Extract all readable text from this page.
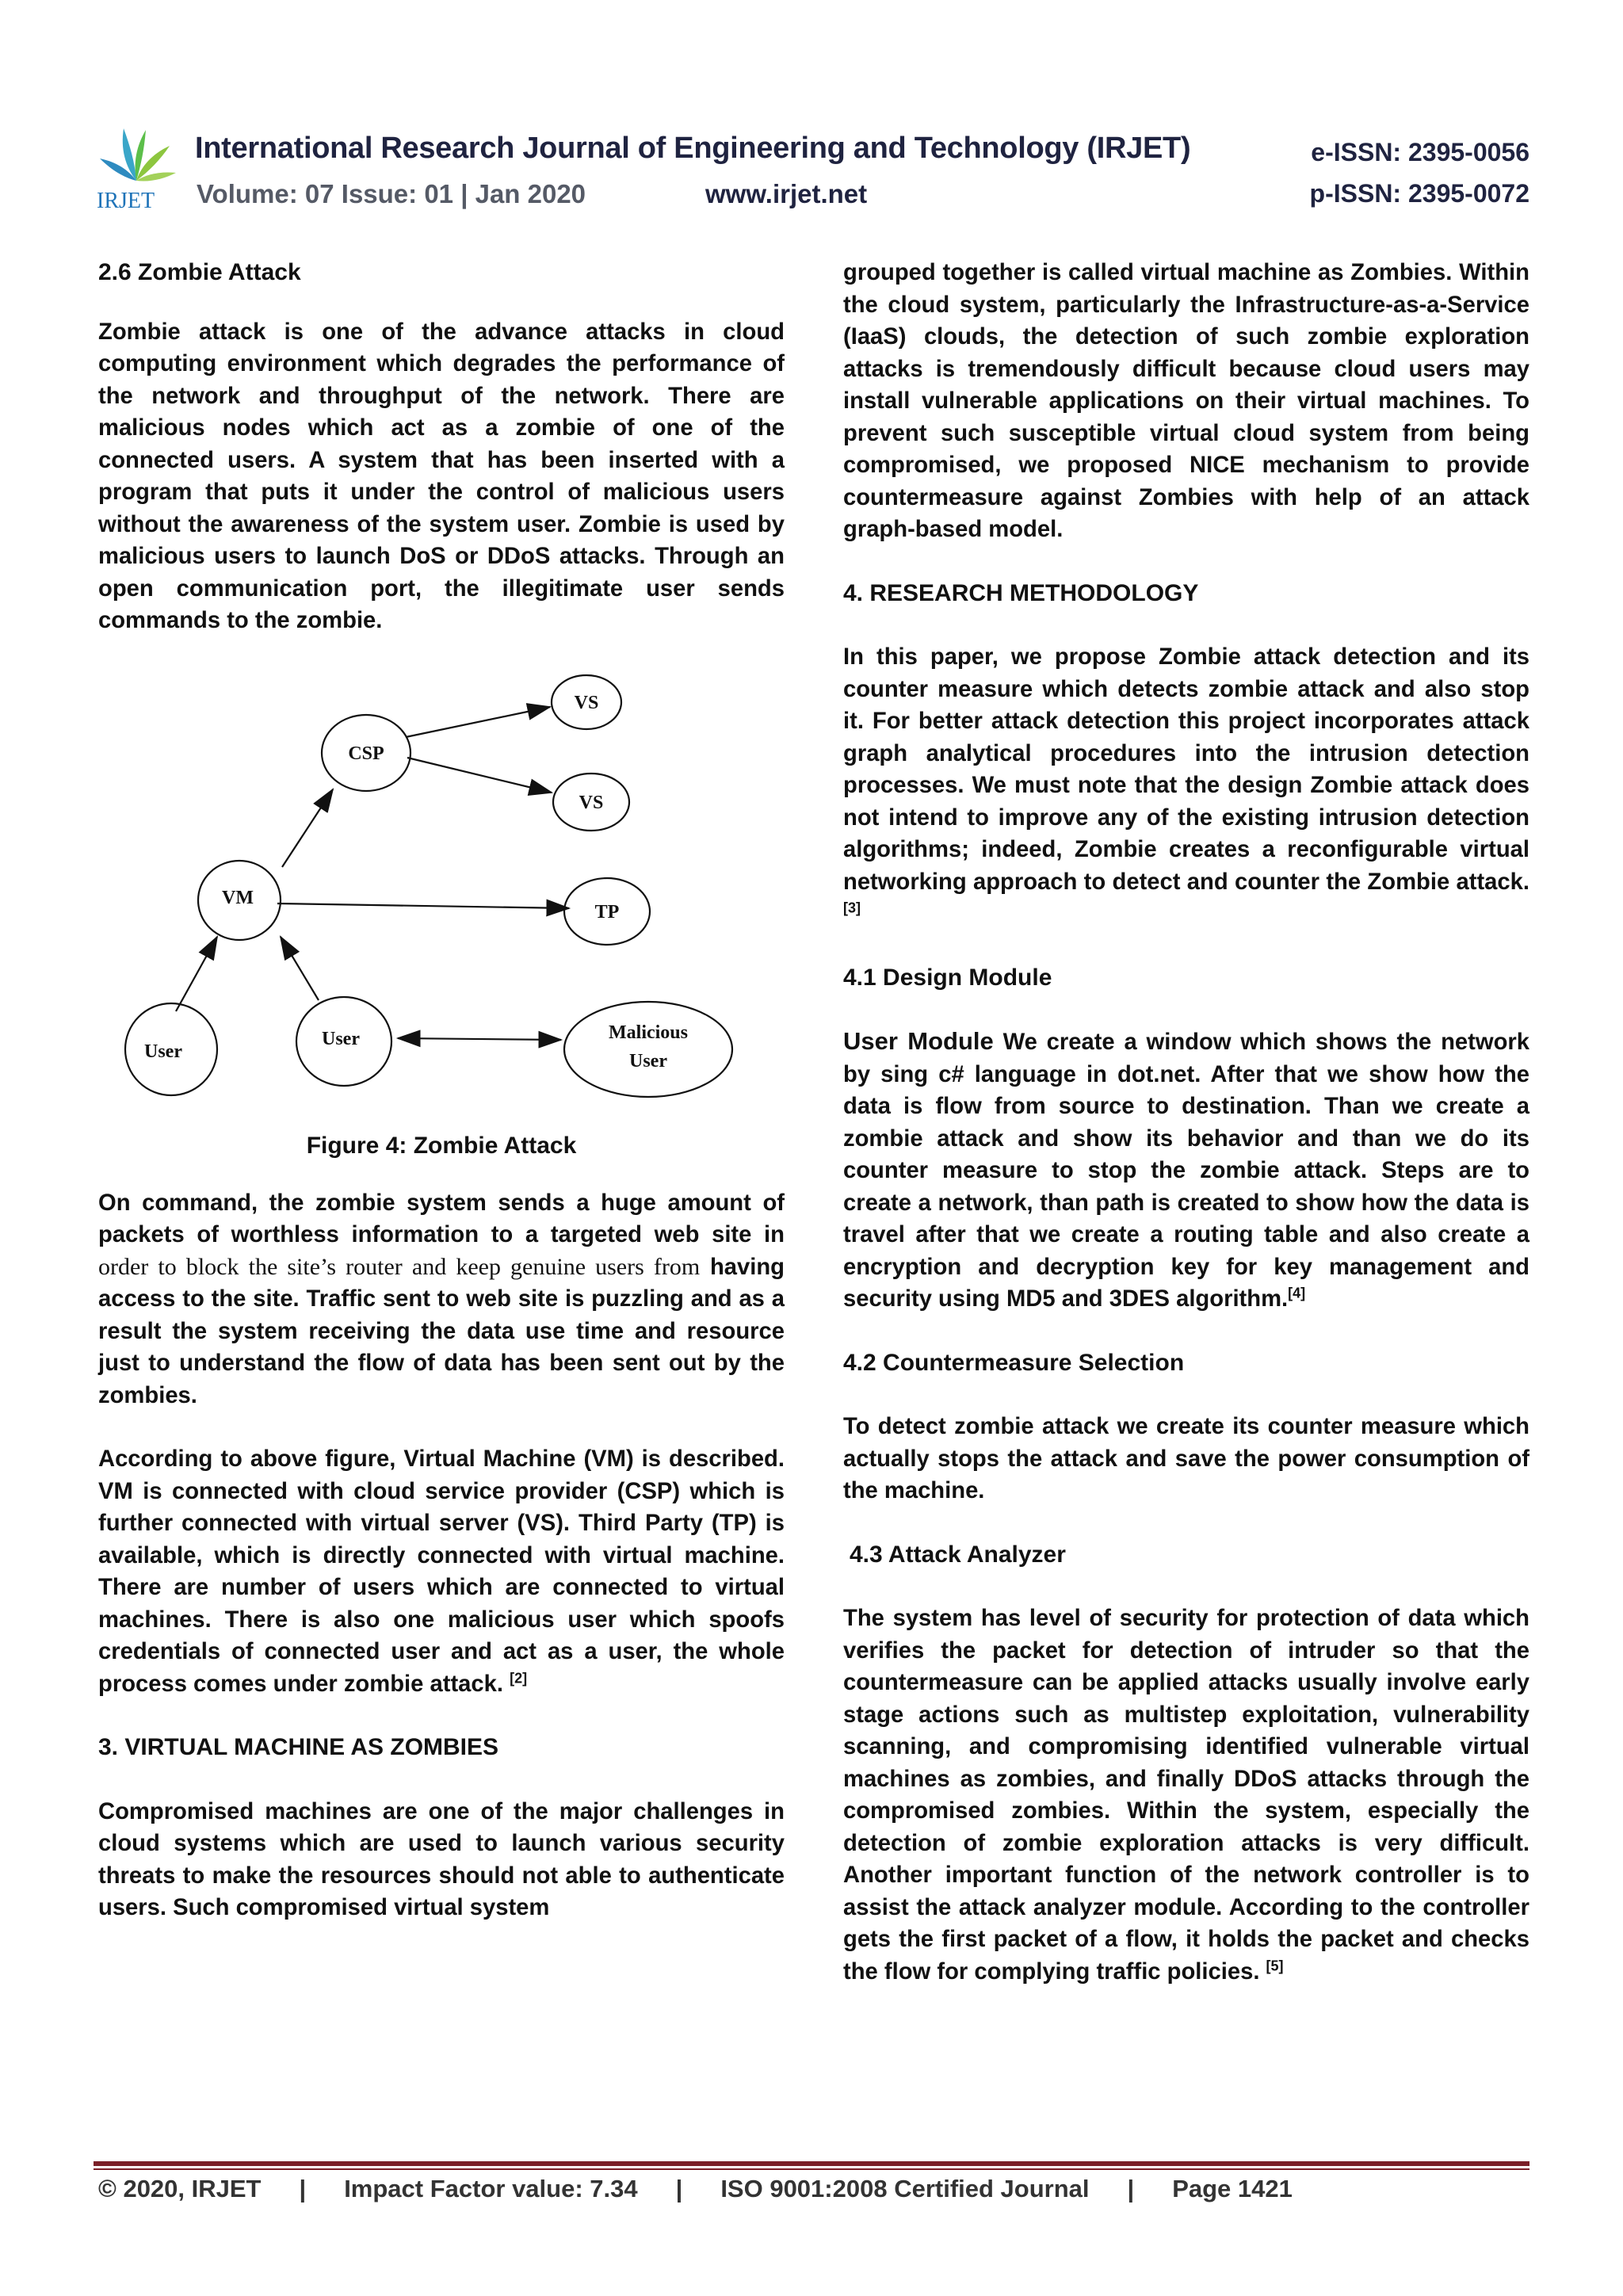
IRJET
International Research Journal of Engineering and Technology (IRJET)	e-ISSN: 2395-0056
Volume: 07 Issue: 01 | Jan 2020	www.irjet.net	p-ISSN: 2395-0072
2.6 Zombie Attack

Zombie attack is one of the advance attacks in cloud computing environment which degrades the performance of the network and throughput of the network. There are malicious nodes which act as a zombie of one of the connected users. A system that has been inserted with a program that puts it under the control of malicious users without the awareness of the system user. Zombie is used by malicious users to launch DoS or DDoS attacks. Through an open communication port, the illegitimate user sends commands to the zombie.

VS
CSP
VS
VM
TP
User
User	Malicious
User
Figure 4: Zombie Attack

On command, the zombie system sends a huge amount of packets of worthless information to a targeted web site in order to block the site’s router and keep genuine users from having access to the site. Traffic sent to web site is puzzling and as a result the system receiving the data use time and resource just to understand the flow of data has been sent out by the zombies.

According to above figure, Virtual Machine (VM) is described. VM is connected with cloud service provider (CSP) which is further connected with virtual server (VS). Third Party (TP) is available, which is directly connected with virtual machine. There are number of users which are connected to virtual machines. There is also one malicious user which spoofs credentials of connected user and act as a user, the whole process comes under zombie attack. [2]

3. VIRTUAL MACHINE AS ZOMBIES

Compromised machines are one of the major challenges in cloud systems which are used to launch various security threats to make the resources should not able to authenticate users. Such compromised virtual system

grouped together is called virtual machine as Zombies. Within the cloud system, particularly the Infrastructure-as-a-Service (IaaS) clouds, the detection of such zombie exploration attacks is tremendously difficult because cloud users may install vulnerable applications on their virtual machines. To prevent such susceptible virtual cloud system from being compromised, we proposed NICE mechanism to provide countermeasure against Zombies with help of an attack graph-based model.

4. RESEARCH METHODOLOGY

In this paper, we propose Zombie attack detection and its counter measure which detects zombie attack and also stop it. For better attack detection this project incorporates attack graph analytical procedures into the intrusion detection processes. We must note that the design Zombie attack does not intend to improve any of the existing intrusion detection algorithms; indeed, Zombie creates a reconfigurable virtual networking approach to detect and counter the Zombie attack.[3]

4.1 Design Module

User Module We create a window which shows the network by sing c# language in dot.net. After that we show how the data is flow from source to destination. Than we create a zombie attack and show its behavior and than we do its counter measure to stop the zombie attack. Steps are to create a network, than path is created to show how the data is travel after that we create a routing table and also create a encryption and decryption key for key management and security using MD5 and 3DES algorithm.[4]

4.2 Countermeasure Selection

To detect zombie attack we create its counter measure which actually stops the attack and save the power consumption of the machine.

4.3 Attack Analyzer

The system has level of security for protection of data which verifies the packet for detection of intruder so that the countermeasure can be applied attacks usually involve early stage actions such as multistep exploitation, vulnerability scanning, and compromising identified vulnerable virtual machines as zombies, and finally DDoS attacks through the compromised zombies. Within the system, especially the detection of zombie exploration attacks is very difficult. Another important function of the network controller is to assist the attack analyzer module. According to the controller gets the first packet of a flow, it holds the packet and checks the flow for complying traffic policies. [5]

© 2020, IRJET | Impact Factor value: 7.34 | ISO 9001:2008 Certified Journal | Page 1421
